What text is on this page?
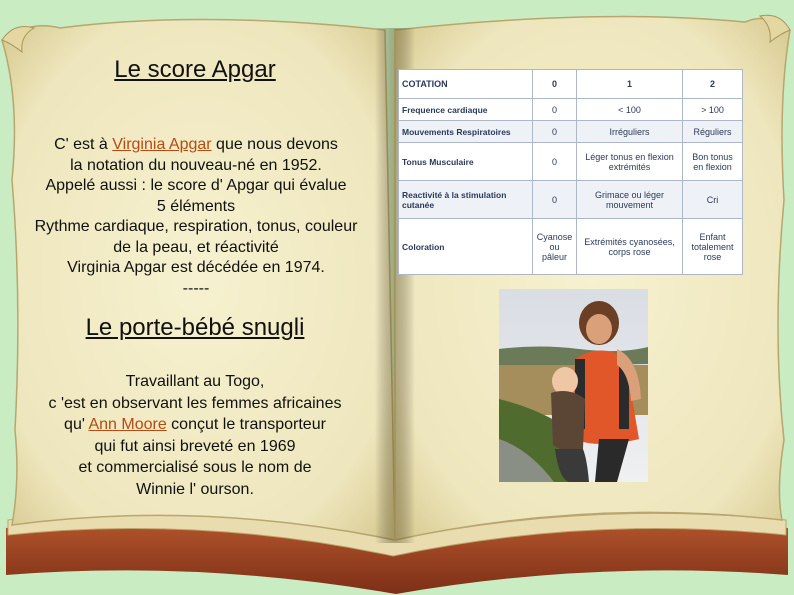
Le score Apgar
C' est à Virginia Apgar que nous devons
la notation du nouveau-né en 1952.
Appelé aussi : le score d' Apgar qui évalue
5 éléments
Rythme cardiaque, respiration, tonus, couleur
de la peau, et réactivité
Virginia Apgar est décédée en 1974.
-----
Le porte-bébé snugli
Travaillant au Togo,
c 'est en observant les femmes africaines
qu' Ann Moore conçut le transporteur
qui fut ainsi breveté en 1969
et commercialisé sous le nom de
Winnie l' ourson.
COTATION	0	1	2
Frequence cardiaque	0	< 100	> 100
Mouvements Respiratoires	0	Irréguliers	Réguliers
Tonus Musculaire	0	Léger tonus en flexion extrémités	Bon tonus en flexion
Reactivité à la stimulation cutanée	0	Grimace ou léger mouvement	Cri
Coloration	Cyanose ou pâleur	Extrémités cyanosées, corps rose	Enfant totalement rose
